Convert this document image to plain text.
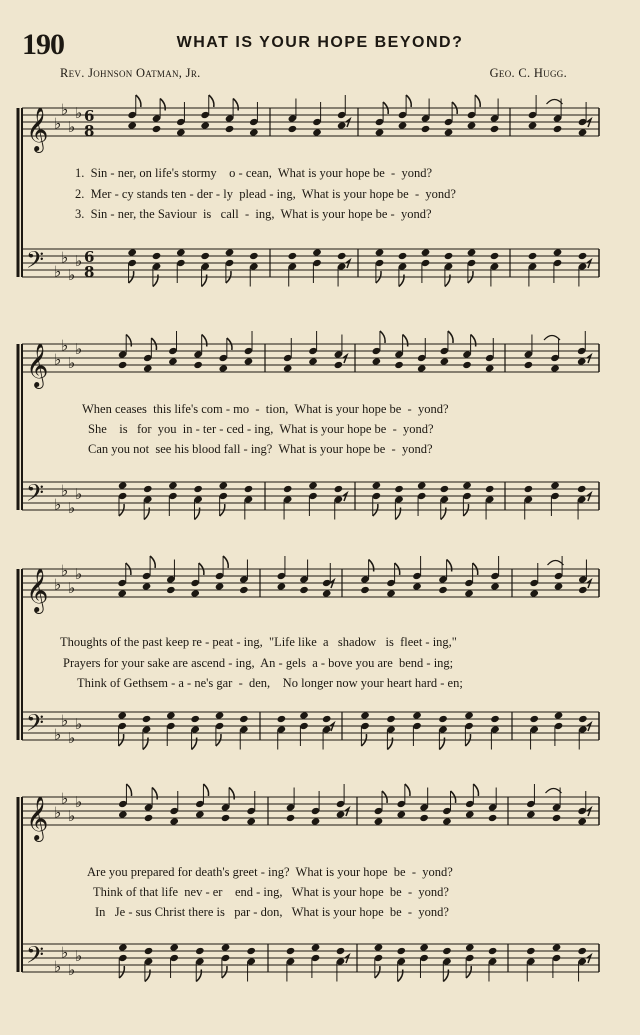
190	WHAT IS YOUR HOPE BEYOND?
Rev. Johnson Oatman, Jr.	Geo. C. Hugg.
𝄞
𝄢
♭
♭
♭
♭
♭
♭
♭
♭
6
8
6
8
𝄞
𝄢
♭
♭
♭
♭
♭
♭
♭
♭
𝄞
𝄢
♭
♭
♭
♭
♭
♭
♭
♭
𝄞
𝄢
♭
♭
♭
♭
♭
♭
♭
♭
1.  Sin - ner, on life's stormy    o - cean,  What is your hope be  -  yond?
2.  Mer - cy stands ten - der - ly  plead - ing,  What is your hope be  -  yond?
3.  Sin - ner, the Saviour  is   call  -  ing,  What is your hope be -  yond?
When ceases  this life's com - mo  -  tion,  What is your hope be  -  yond?
She    is   for  you  in - ter - ced - ing,  What is your hope be  -  yond?
Can you not  see his blood fall - ing?  What is your hope be  -  yond?
Thoughts of the past keep re - peat - ing,  "Life like  a   shadow   is  fleet - ing,"
Prayers for your sake are ascend - ing,  An - gels  a - bove you are  bend - ing;
Think of Gethsem - a - ne's gar  -  den,    No longer now your heart hard - en;
Are you prepared for death's greet - ing?  What is your hope  be  -  yond?
Think of that life  nev - er    end - ing,   What is your hope  be  -  yond?
In   Je - sus Christ there is   par - don,   What is your hope  be  -  yond?
